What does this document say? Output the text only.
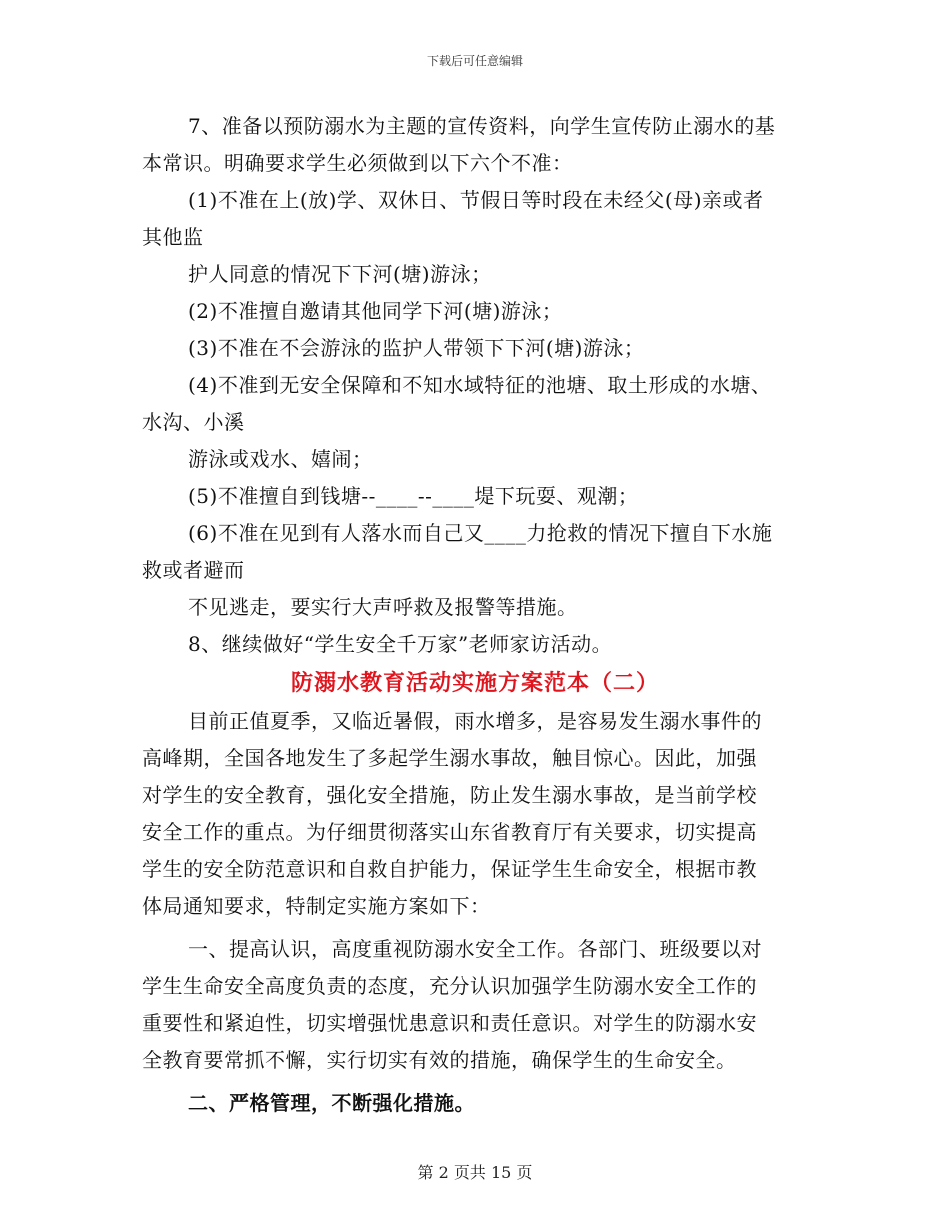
下载后可任意编辑
7、准备以预防溺水为主题的宣传资料，向学生宣传防止溺水的基
本常识。明确要求学生必须做到以下六个不准：
(1)不准在上(放)学、双休日、节假日等时段在未经父(母)亲或者
其他监
护人同意的情况下下河(塘)游泳；
(2)不准擅自邀请其他同学下河(塘)游泳；
(3)不准在不会游泳的监护人带领下下河(塘)游泳；
(4)不准到无安全保障和不知水域特征的池塘、取土形成的水塘、
水沟、小溪
游泳或戏水、嬉闹；
(5)不准擅自到钱塘--____--____堤下玩耍、观潮；
(6)不准在见到有人落水而自己又____力抢救的情况下擅自下水施
救或者避而
不见逃走，要实行大声呼救及报警等措施。
8、继续做好“学生安全千万家”老师家访活动。
防溺水教育活动实施方案范本（二）
目前正值夏季，又临近暑假，雨水增多，是容易发生溺水事件的
高峰期，全国各地发生了多起学生溺水事故，触目惊心。因此，加强
对学生的安全教育，强化安全措施，防止发生溺水事故，是当前学校
安全工作的重点。为仔细贯彻落实山东省教育厅有关要求，切实提高
学生的安全防范意识和自救自护能力，保证学生生命安全，根据市教
体局通知要求，特制定实施方案如下：
一、提高认识，高度重视防溺水安全工作。各部门、班级要以对
学生生命安全高度负责的态度，充分认识加强学生防溺水安全工作的
重要性和紧迫性，切实增强忧患意识和责任意识。对学生的防溺水安
全教育要常抓不懈，实行切实有效的措施，确保学生的生命安全。
二、严格管理，不断强化措施。
第 2 页共 15 页
